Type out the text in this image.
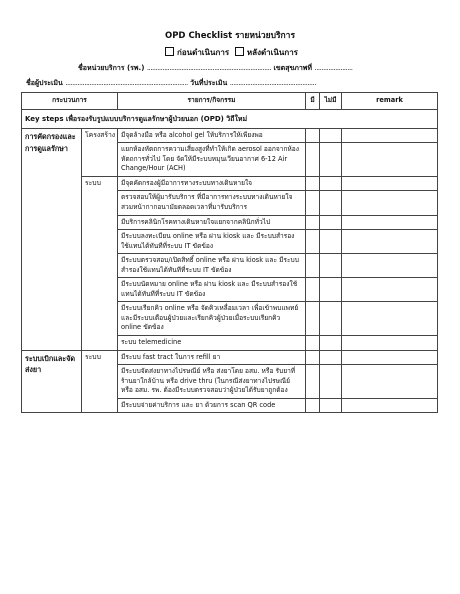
OPD Checklist รายหน่วยบริการ
ก่อนดำเนินการ หลังดำเนินการ
ชื่อหน่วยบริการ (รพ.) ........................................................................ เขตสุขภาพที่ ......................
ชื่อผู้ประเมิน ....................................................................... วันที่ประเมิน ..................................................
กระบวนการ		รายการ/กิจกรรม	มี	ไม่มี	remark
Key steps เพื่อรองรับรูปแบบบริการดูแลรักษาผู้ป่วยนอก (OPD) วิถีใหม่					
การคัดกรองและการดูแลรักษา	โครงสร้าง	มีจุดล้างมือ หรือ alcohol gel ให้บริการให้เพียงพอ			
		แยกห้องหัตถการความเสี่ยงสูงที่ทำให้เกิด aerosol ออกจากห้องหัตถการทั่วไป โดย จัดให้มีระบบหมุนเวียนอากาศ 6-12 Air Change/Hour (ACH)			
	ระบบ	มีจุดคัดกรองผู้มีอาการทางระบบทางเดินหายใจ			
		ตรวจสอบให้ผู้มารับบริการ ที่มีอาการทางระบบทางเดินหายใจ สวมหน้ากากอนามัยตลอดเวลาที่มารับบริการ			
		มีบริการคลินิกโรคทางเดินหายใจแยกจากคลินิกทั่วไป			
		มีระบบลงทะเบียน online หรือ ผ่าน kiosk และ มีระบบสำรองใช้แทนได้ทันทีที่ระบบ IT ขัดข้อง			
		มีระบบตรวจสอบ/เปิดสิทธิ์ online หรือ ผ่าน kiosk และ มีระบบสำรองใช้แทนได้ทันทีที่ระบบ IT ขัดข้อง			
		มีระบบนัดหมาย online หรือ ผ่าน kiosk และ มีระบบสำรองใช้แทนได้ทันทีที่ระบบ IT ขัดข้อง			
		มีระบบเรียกคิว online หรือ จัดคิวเหลื่อมเวลา เพื่อเข้าพบแพทย์ และมีระบบเตือนผู้ป่วยและเรียกคิวผู้ป่วยเมื่อระบบเรียกคิว online ขัดข้อง			
		ระบบ telemedicine			
ระบบเบิกและจัดส่งยา	ระบบ	มีระบบ fast tract ในการ refill ยา			
		มีระบบจัดส่งยาทางไปรษณีย์ หรือ ส่งยาโดย อสม. หรือ รับยาที่ร้านยาใกล้บ้าน หรือ drive thru (ในกรณีส่งยาทางไปรษณีย์ หรือ อสม. รพ. ต้องมีระบบตรวจสอบว่าผู้ป่วยได้รับยาถูกต้อง			
		มีระบบจ่ายค่าบริการ และ ยา ด้วยการ scan QR code			
